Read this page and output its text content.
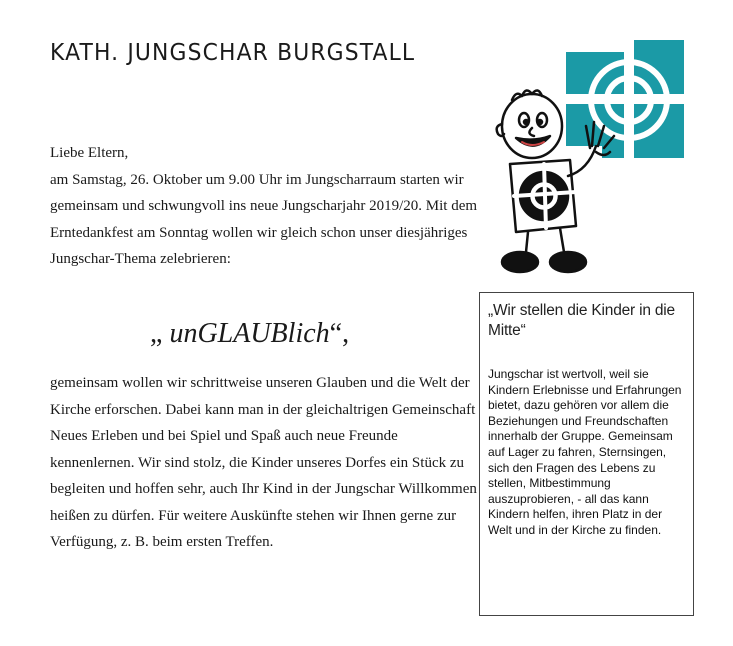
KATH. JUNGSCHAR BURGSTALL

Liebe Eltern,

am Samstag, 26. Oktober um 9.00 Uhr im Jungscharraum starten wir gemeinsam und schwungvoll ins neue Jungscharjahr 2019/20. Mit dem Erntedankfest am Sonntag wollen wir gleich schon unser diesjähriges Jungschar-Thema zelebrieren:

„ unGLAUBlich“,
gemeinsam wollen wir schrittweise unseren Glauben und die Welt der Kirche erforschen. Dabei kann man in der gleichaltrigen Gemeinschaft Neues Erleben und bei Spiel und Spaß auch neue Freunde kennenlernen. Wir sind stolz, die Kinder unseres Dorfes ein Stück zu begleiten und hoffen sehr, auch Ihr Kind in der Jungschar Willkommen heißen zu dürfen. Für weitere Auskünfte stehen wir Ihnen gerne zur Verfügung, z. B. beim ersten Treffen.
„Wir stellen die Kinder in die Mitte“
Jungschar ist wertvoll, weil sie Kindern Erlebnisse und Erfahrungen bietet, dazu gehören vor allem die Beziehungen und Freundschaften innerhalb der Gruppe. Gemeinsam auf Lager zu fahren, Sternsingen, sich den Fragen des Lebens zu stellen, Mitbestimmung auszuprobieren, - all das kann Kindern helfen, ihren Platz in der Welt und in der Kirche zu finden.
